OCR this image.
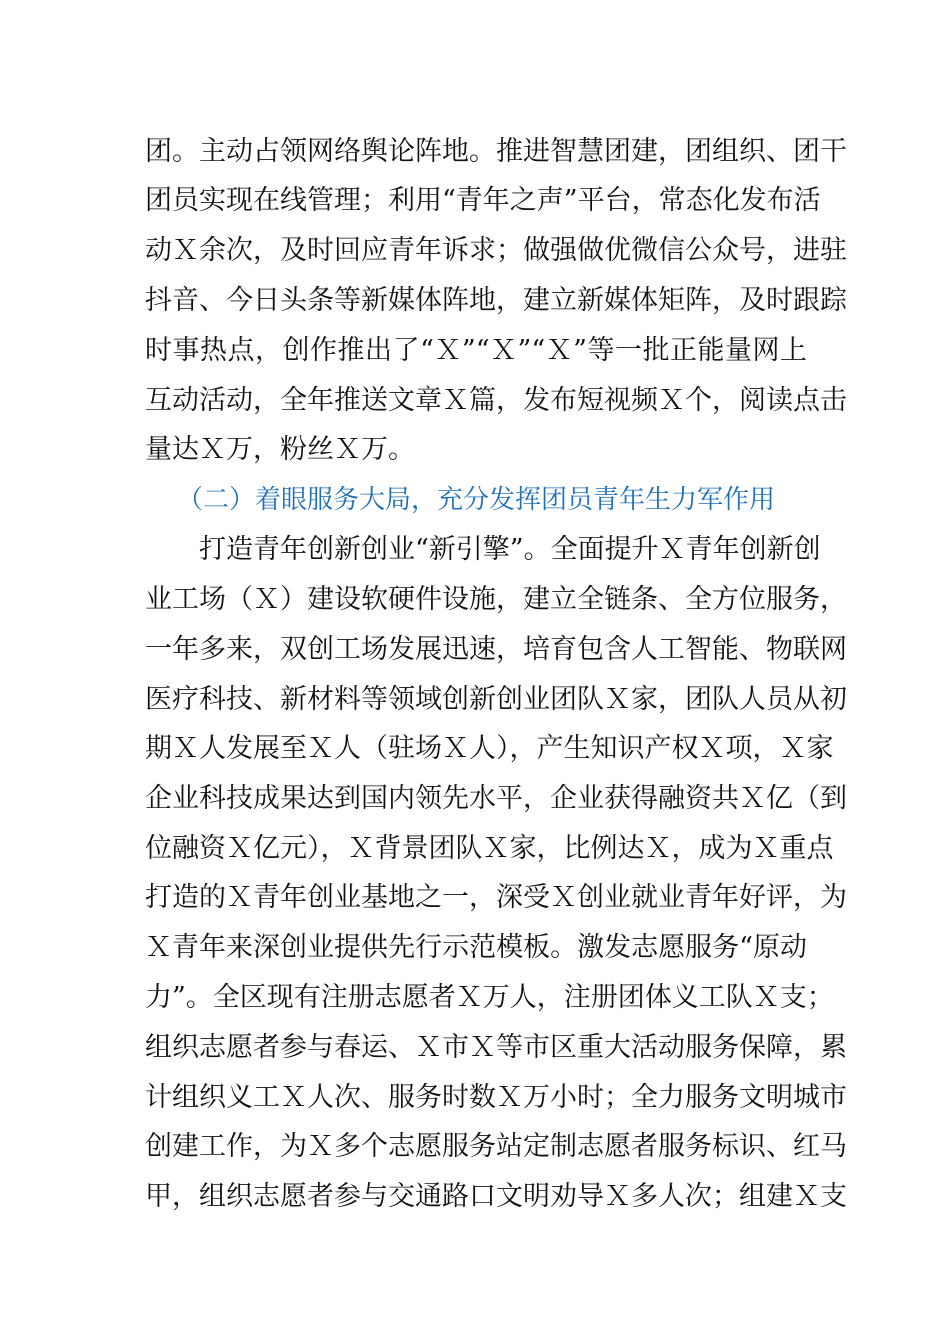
团。主动占领网络舆论阵地。推进智慧团建，团组织、团干
团员实现在线管理；利用“青年之声”平台，常态化发布活
动Ｘ余次，及时回应青年诉求；做强做优微信公众号，进驻
抖音、今日头条等新媒体阵地，建立新媒体矩阵，及时跟踪
时事热点，创作推出了“Ｘ”“Ｘ”“Ｘ”等一批正能量网上
互动活动，全年推送文章Ｘ篇，发布短视频Ｘ个，阅读点击
量达Ｘ万，粉丝Ｘ万。
（二）着眼服务大局，充分发挥团员青年生力军作用
打造青年创新创业“新引擎”。全面提升Ｘ青年创新创
业工场（Ｘ）建设软硬件设施，建立全链条、全方位服务，
一年多来，双创工场发展迅速，培育包含人工智能、物联网
医疗科技、新材料等领域创新创业团队Ｘ家，团队人员从初
期Ｘ人发展至Ｘ人（驻场Ｘ人），产生知识产权Ｘ项，Ｘ家
企业科技成果达到国内领先水平，企业获得融资共Ｘ亿（到
位融资Ｘ亿元），Ｘ背景团队Ｘ家，比例达Ｘ，成为Ｘ重点
打造的Ｘ青年创业基地之一，深受Ｘ创业就业青年好评，为
Ｘ青年来深创业提供先行示范模板。激发志愿服务“原动
力”。全区现有注册志愿者Ｘ万人，注册团体义工队Ｘ支；
组织志愿者参与春运、Ｘ市Ｘ等市区重大活动服务保障，累
计组织义工Ｘ人次、服务时数Ｘ万小时；全力服务文明城市
创建工作，为Ｘ多个志愿服务站定制志愿者服务标识、红马
甲，组织志愿者参与交通路口文明劝导Ｘ多人次；组建Ｘ支
